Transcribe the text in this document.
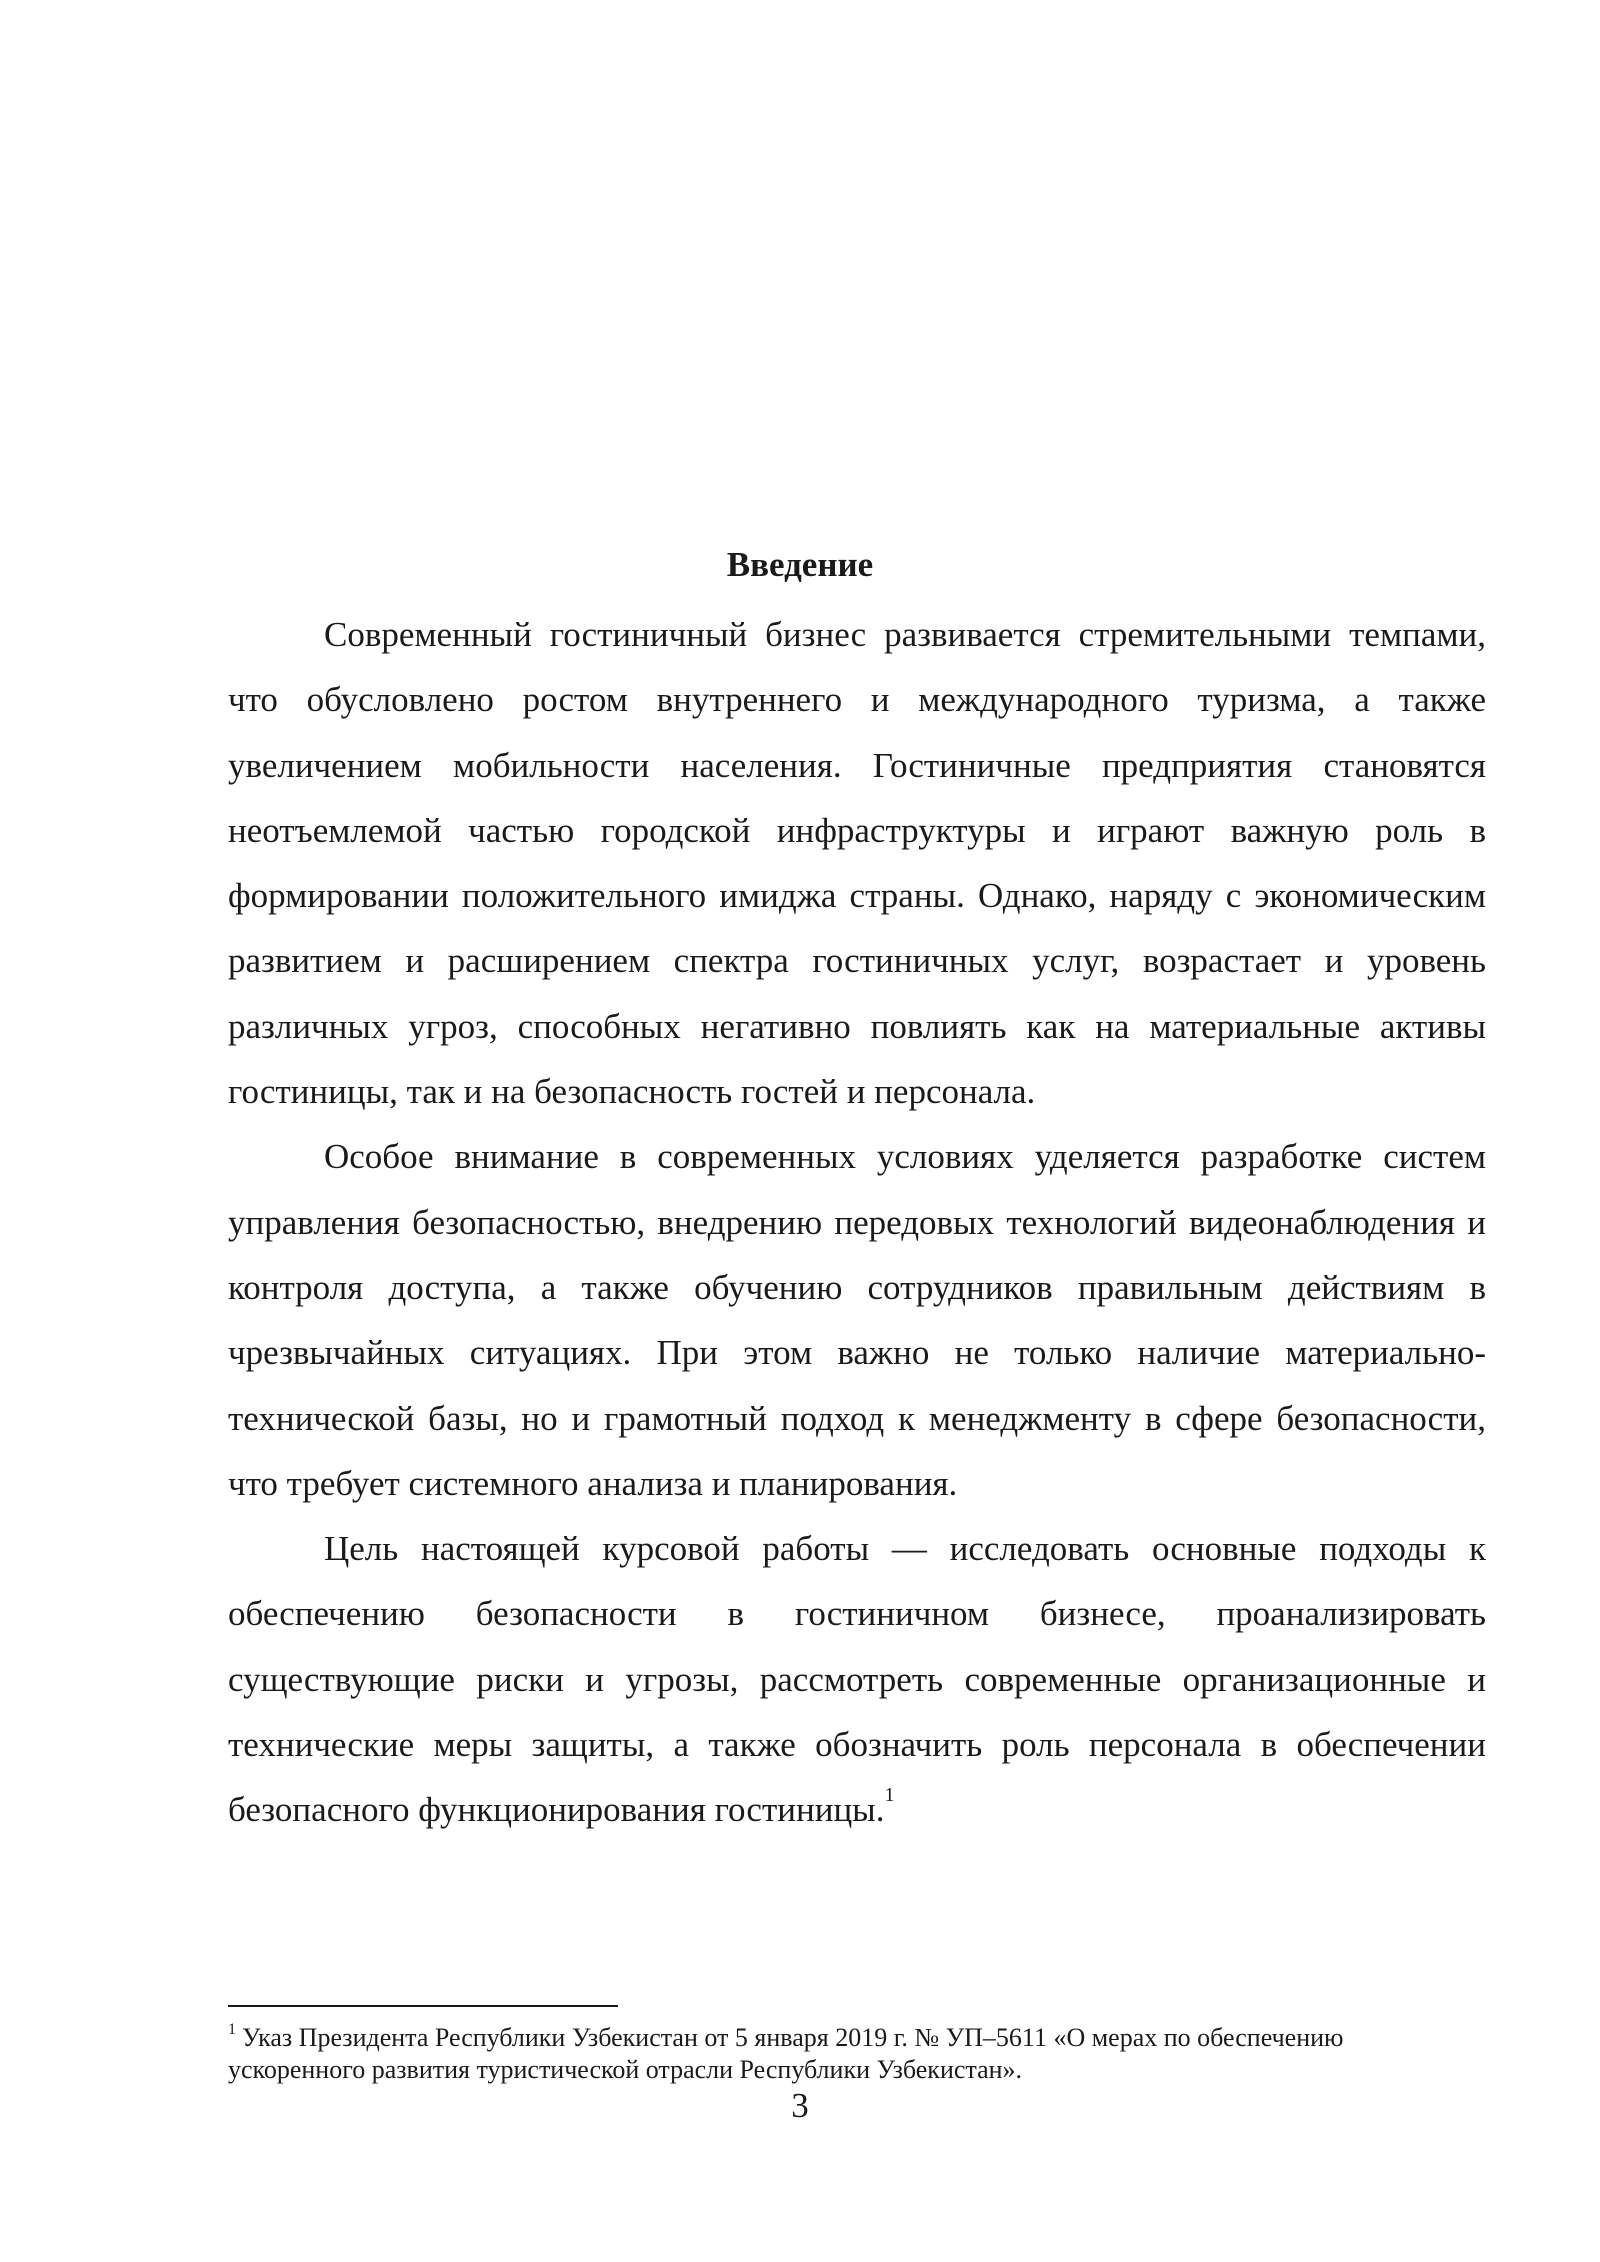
Введение

Современный гостиничный бизнес развивается стремительными темпами, что обусловлено ростом внутреннего и международного туризма, а также увеличением мобильности населения. Гостиничные предприятия становятся неотъемлемой частью городской инфраструктуры и играют важную роль в формировании положительного имиджа страны. Однако, наряду с экономическим развитием и расширением спектра гостиничных услуг, возрастает и уровень различных угроз, способных негативно повлиять как на материальные активы гостиницы, так и на безопасность гостей и персонала.

Особое внимание в современных условиях уделяется разработке систем управления безопасностью, внедрению передовых технологий видеонаблюдения и контроля доступа, а также обучению сотрудников правильным действиям в чрезвычайных ситуациях. При этом важно не только наличие материально-технической базы, но и грамотный подход к менеджменту в сфере безопасности, что требует системного анализа и планирования.

Цель настоящей курсовой работы — исследовать основные подходы к обеспечению безопасности в гостиничном бизнесе, проанализировать существующие риски и угрозы, рассмотреть современные организационные и технические меры защиты, а также обозначить роль персонала в обеспечении безопасного функционирования гостиницы.$^1$

$^1$ Указ Президента Республики Узбекистан от 5 января 2019 г. № УП–5611 «О мерах по обеспечению ускоренного развития туристической отрасли Республики Узбекистан».

3
